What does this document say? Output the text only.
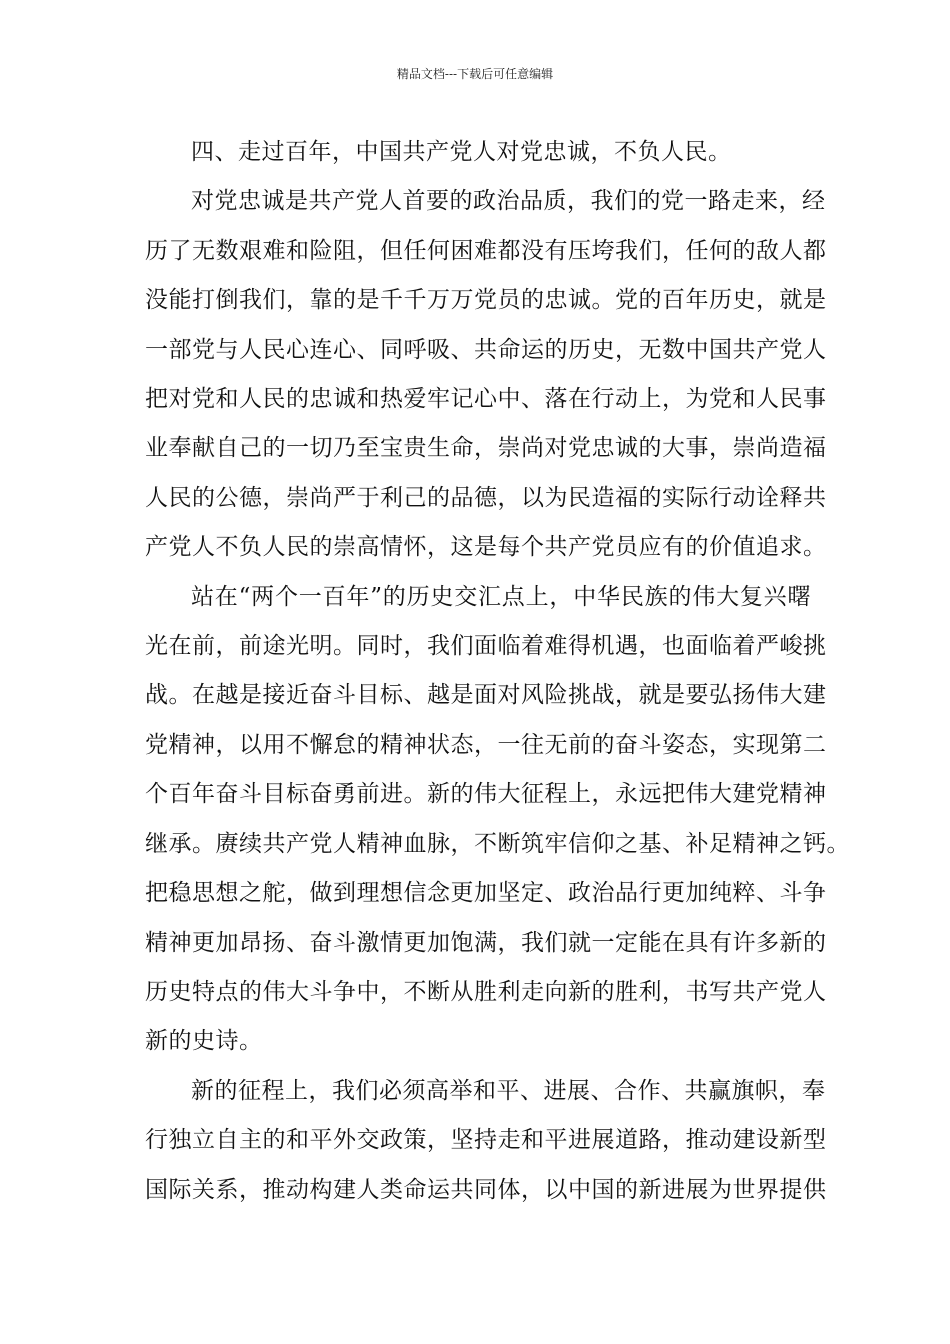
精品文档---下载后可任意编辑

四、走过百年，中国共产党人对党忠诚，不负人民。

对党忠诚是共产党人首要的政治品质，我们的党一路走来，经
历了无数艰难和险阻，但任何困难都没有压垮我们，任何的敌人都
没能打倒我们，靠的是千千万万党员的忠诚。党的百年历史，就是
一部党与人民心连心、同呼吸、共命运的历史，无数中国共产党人
把对党和人民的忠诚和热爱牢记心中、落在行动上，为党和人民事
业奉献自己的一切乃至宝贵生命，崇尚对党忠诚的大事，崇尚造福
人民的公德，崇尚严于利己的品德，以为民造福的实际行动诠释共
产党人不负人民的崇高情怀，这是每个共产党员应有的价值追求。

站在“两个一百年”的历史交汇点上，中华民族的伟大复兴曙
光在前，前途光明。同时，我们面临着难得机遇，也面临着严峻挑
战。在越是接近奋斗目标、越是面对风险挑战，就是要弘扬伟大建
党精神，以用不懈怠的精神状态，一往无前的奋斗姿态，实现第二
个百年奋斗目标奋勇前进。新的伟大征程上，永远把伟大建党精神
继承。赓续共产党人精神血脉，不断筑牢信仰之基、补足精神之钙。
把稳思想之舵，做到理想信念更加坚定、政治品行更加纯粹、斗争
精神更加昂扬、奋斗激情更加饱满，我们就一定能在具有许多新的
历史特点的伟大斗争中，不断从胜利走向新的胜利，书写共产党人
新的史诗。

新的征程上，我们必须高举和平、进展、合作、共赢旗帜，奉
行独立自主的和平外交政策，坚持走和平进展道路，推动建设新型
国际关系，推动构建人类命运共同体，以中国的新进展为世界提供
